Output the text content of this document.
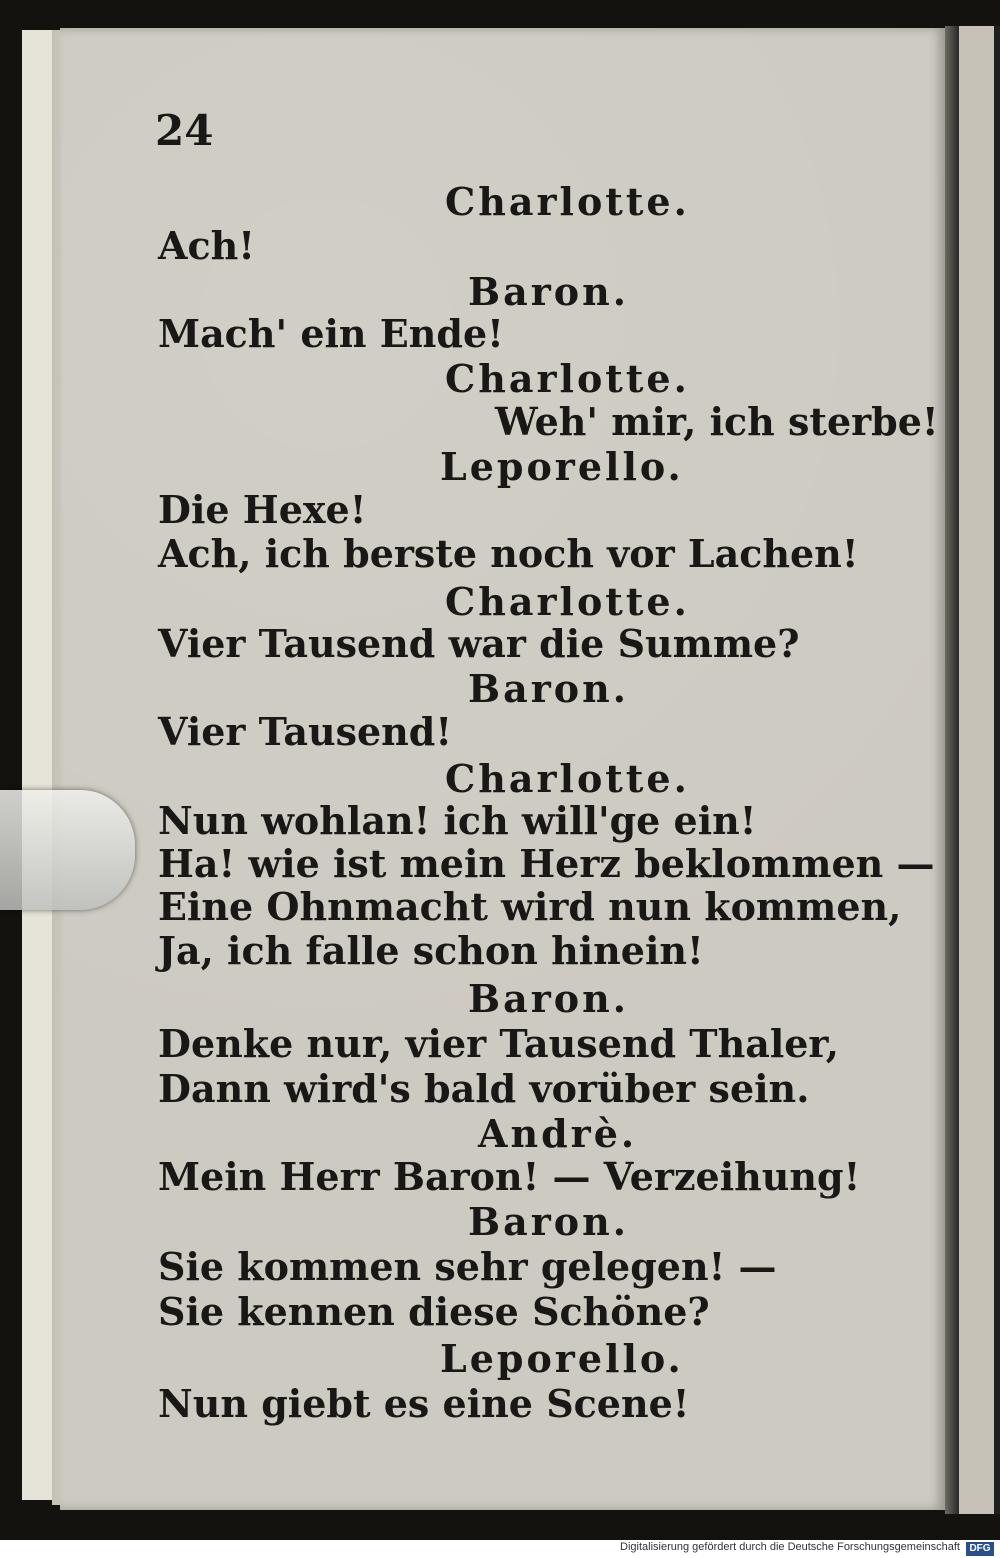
24
Charlotte.
Ach!
Baron.
Mach' ein Ende!
Charlotte.
Weh' mir, ich sterbe!
Leporello.
Die Hexe!
Ach, ich berste noch vor Lachen!
Charlotte.
Vier Tausend war die Summe?
Baron.
Vier Tausend!
Charlotte.
Nun wohlan! ich will'ge ein!
Ha! wie ist mein Herz beklommen —
Eine Ohnmacht wird nun kommen,
Ja, ich falle schon hinein!
Baron.
Denke nur, vier Tausend Thaler,
Dann wird's bald vorüber sein.
Andrè.
Mein Herr Baron! — Verzeihung!
Baron.
Sie kommen sehr gelegen! —
Sie kennen diese Schöne?
Leporello.
Nun giebt es eine Scene!
Digitalisierung gefördert durch die Deutsche Forschungsgemeinschaft DFG
